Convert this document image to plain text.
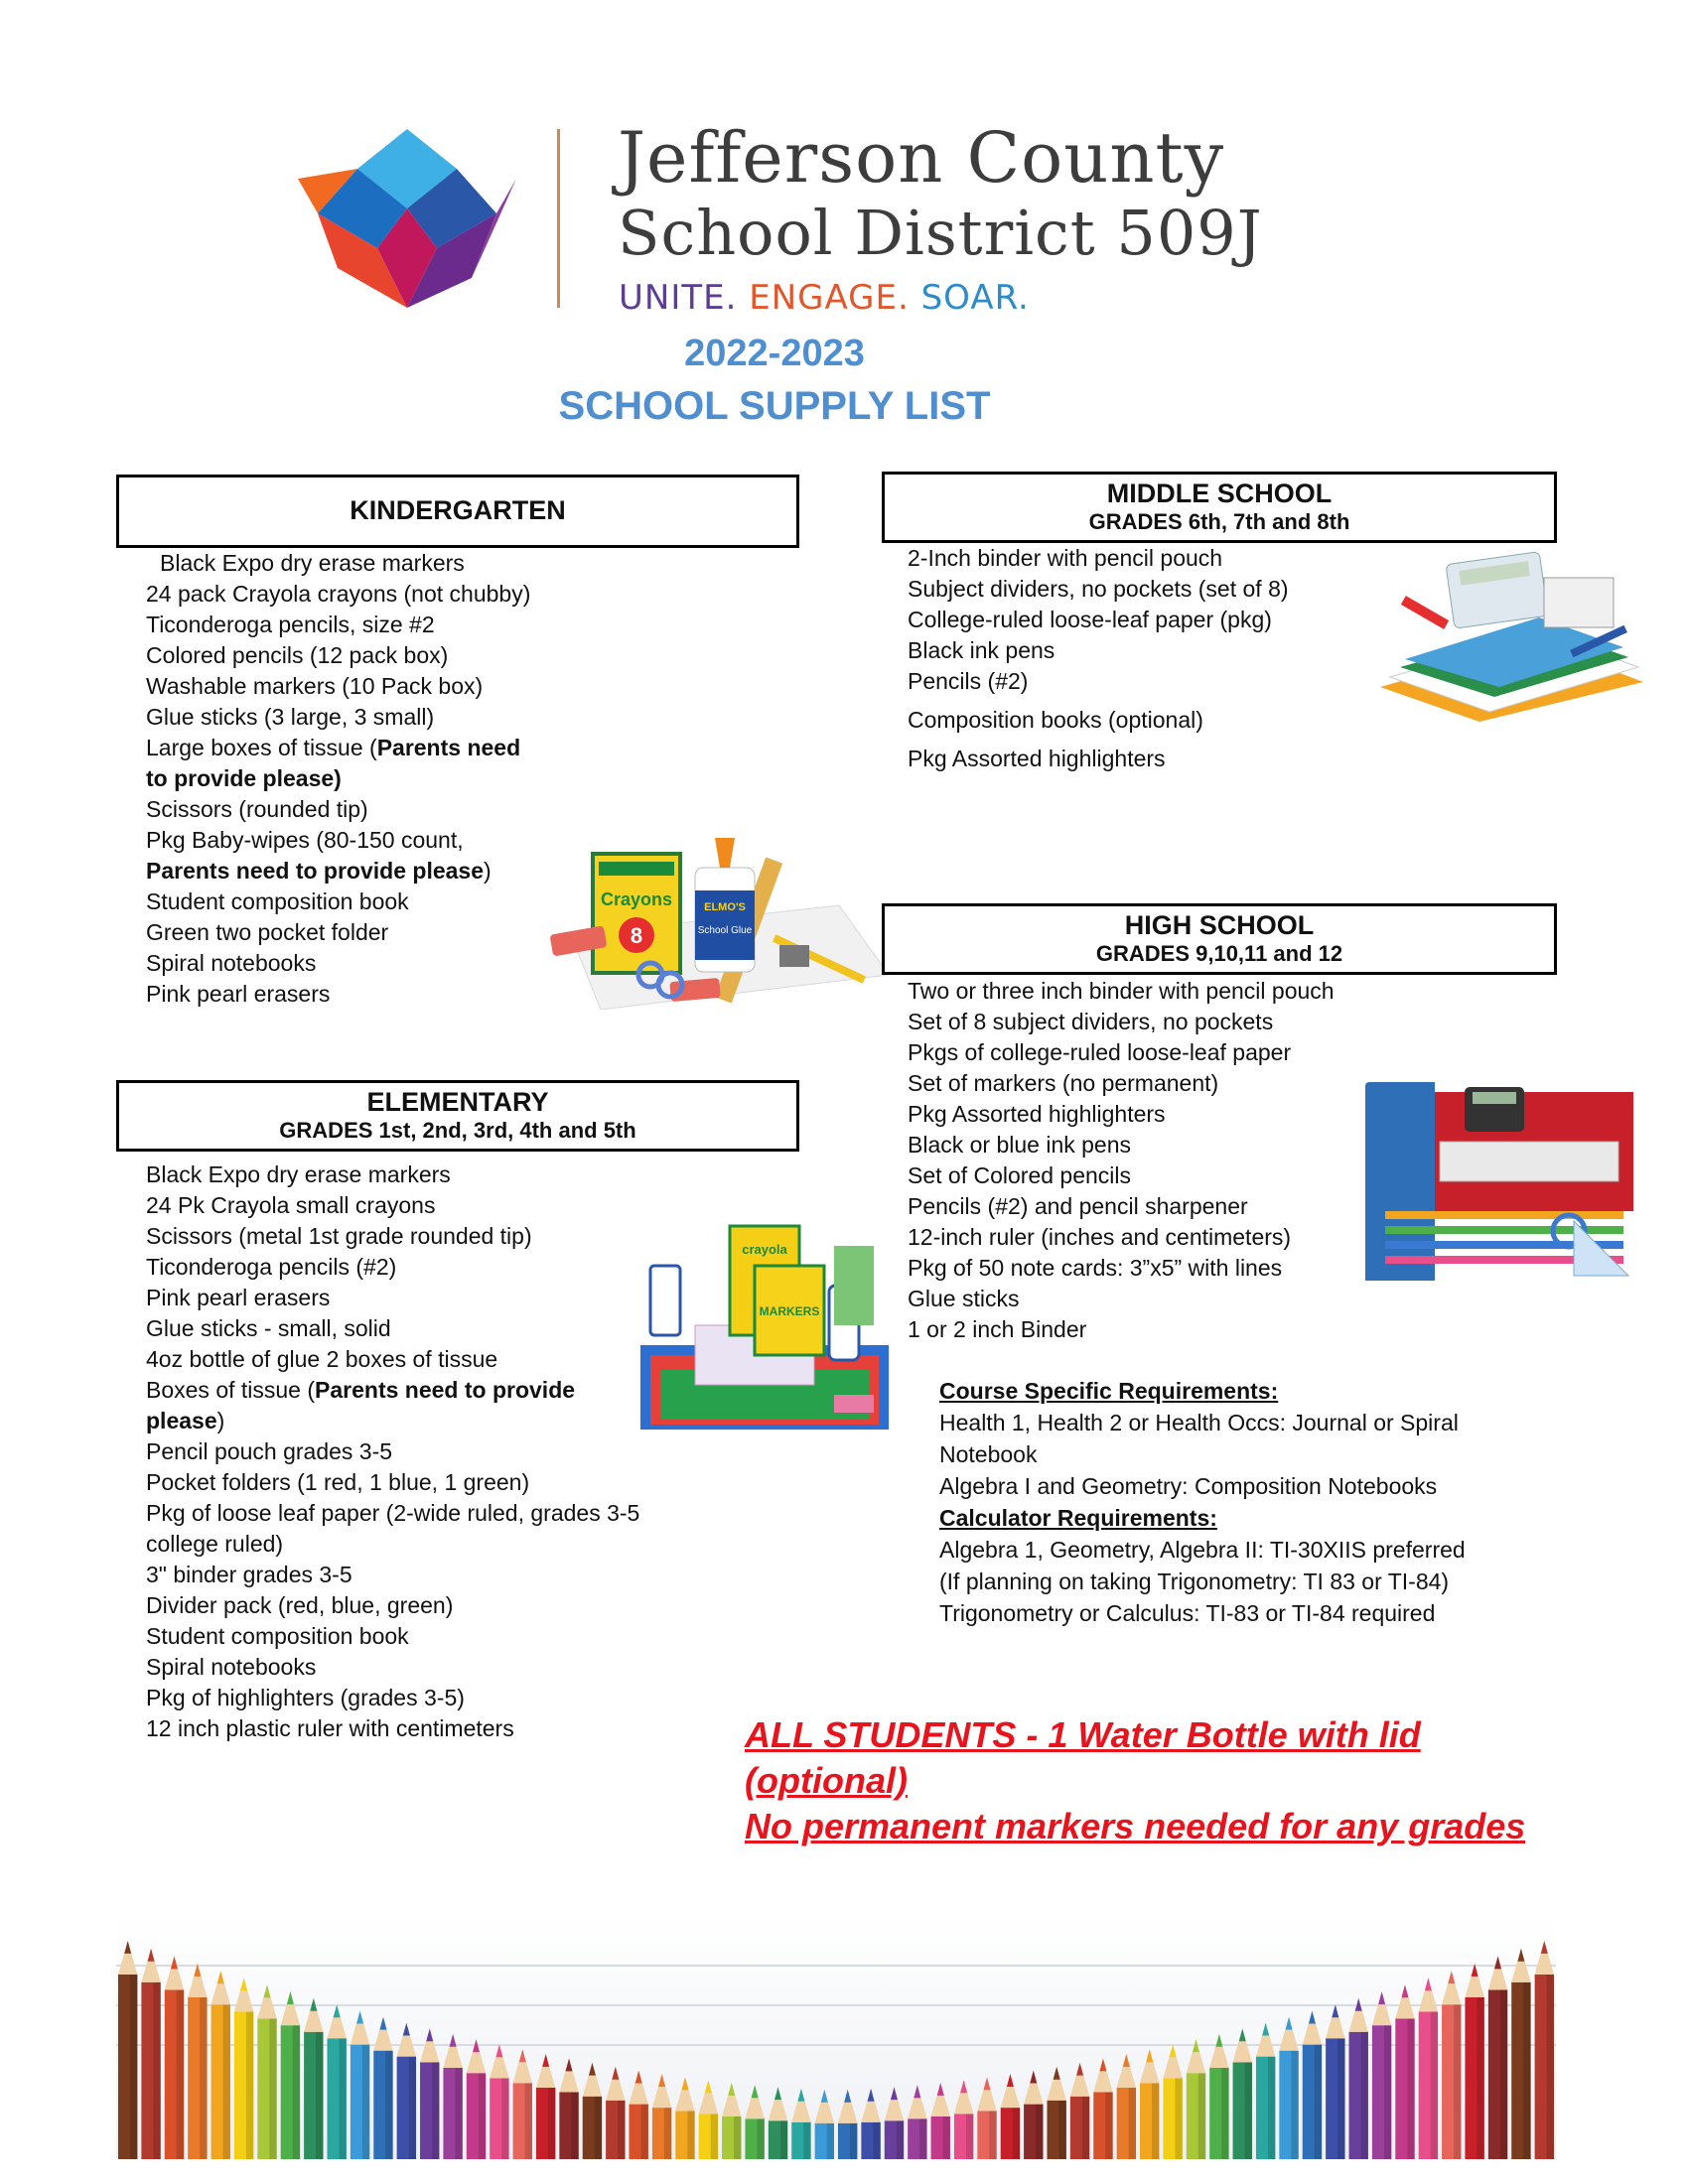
Jefferson County
School District 509J
UNITE. ENGAGE. SOAR.
2022-2023
SCHOOL SUPPLY LIST
KINDERGARTEN
Black Expo dry erase markers
24 pack Crayola crayons (not chubby)
Ticonderoga pencils, size #2
Colored pencils (12 pack box)
Washable markers (10 Pack box)
Glue sticks (3 large, 3 small)
Large boxes of tissue (Parents need to provide please)
Scissors (rounded tip)
Pkg Baby-wipes (80-150 count, Parents need to provide please)
Student composition book
Green two pocket folder
Spiral notebooks
Pink pearl erasers
Crayons
8
ELMO'S
School Glue
ELEMENTARY
GRADES 1st, 2nd, 3rd, 4th and 5th
Black Expo dry erase markers
24 Pk Crayola small crayons
Scissors (metal 1st grade rounded tip)
Ticonderoga pencils (#2)
Pink pearl erasers
Glue sticks - small, solid
4oz bottle of glue 2 boxes of tissue
Boxes of tissue (Parents need to provide please)
Pencil pouch grades 3-5
Pocket folders (1 red, 1 blue, 1 green)
Pkg of loose leaf paper (2-wide ruled, grades 3-5 college ruled)
3" binder grades 3-5
Divider pack (red, blue, green)
Student composition book
Spiral notebooks
Pkg of highlighters (grades 3-5)
12 inch plastic ruler with centimeters
crayola
MARKERS
MIDDLE SCHOOL
GRADES 6th, 7th and 8th
2-Inch binder with pencil pouch
Subject dividers, no pockets (set of 8)
College-ruled loose-leaf paper (pkg)
Black ink pens
Pencils (#2)
Composition books (optional)
Pkg Assorted highlighters
HIGH SCHOOL
GRADES 9,10,11 and 12
Two or three inch binder with pencil pouch
Set of 8 subject dividers, no pockets
Pkgs of college-ruled loose-leaf paper
Set of markers (no permanent)
Pkg Assorted highlighters
Black or blue ink pens
Set of Colored pencils
Pencils (#2) and pencil sharpener
12-inch ruler (inches and centimeters)
Pkg of 50 note cards: 3”x5” with lines
Glue sticks
1 or 2 inch Binder
Course Specific Requirements:
Health 1, Health 2 or Health Occs: Journal or Spiral Notebook
Algebra I and Geometry: Composition Notebooks
Calculator Requirements:
Algebra 1, Geometry, Algebra II: TI-30XIIS preferred
(If planning on taking Trigonometry: TI 83 or TI-84)
Trigonometry or Calculus: TI-83 or TI-84 required
ALL STUDENTS - 1 Water Bottle with lid (optional)
No permanent markers needed for any grades
